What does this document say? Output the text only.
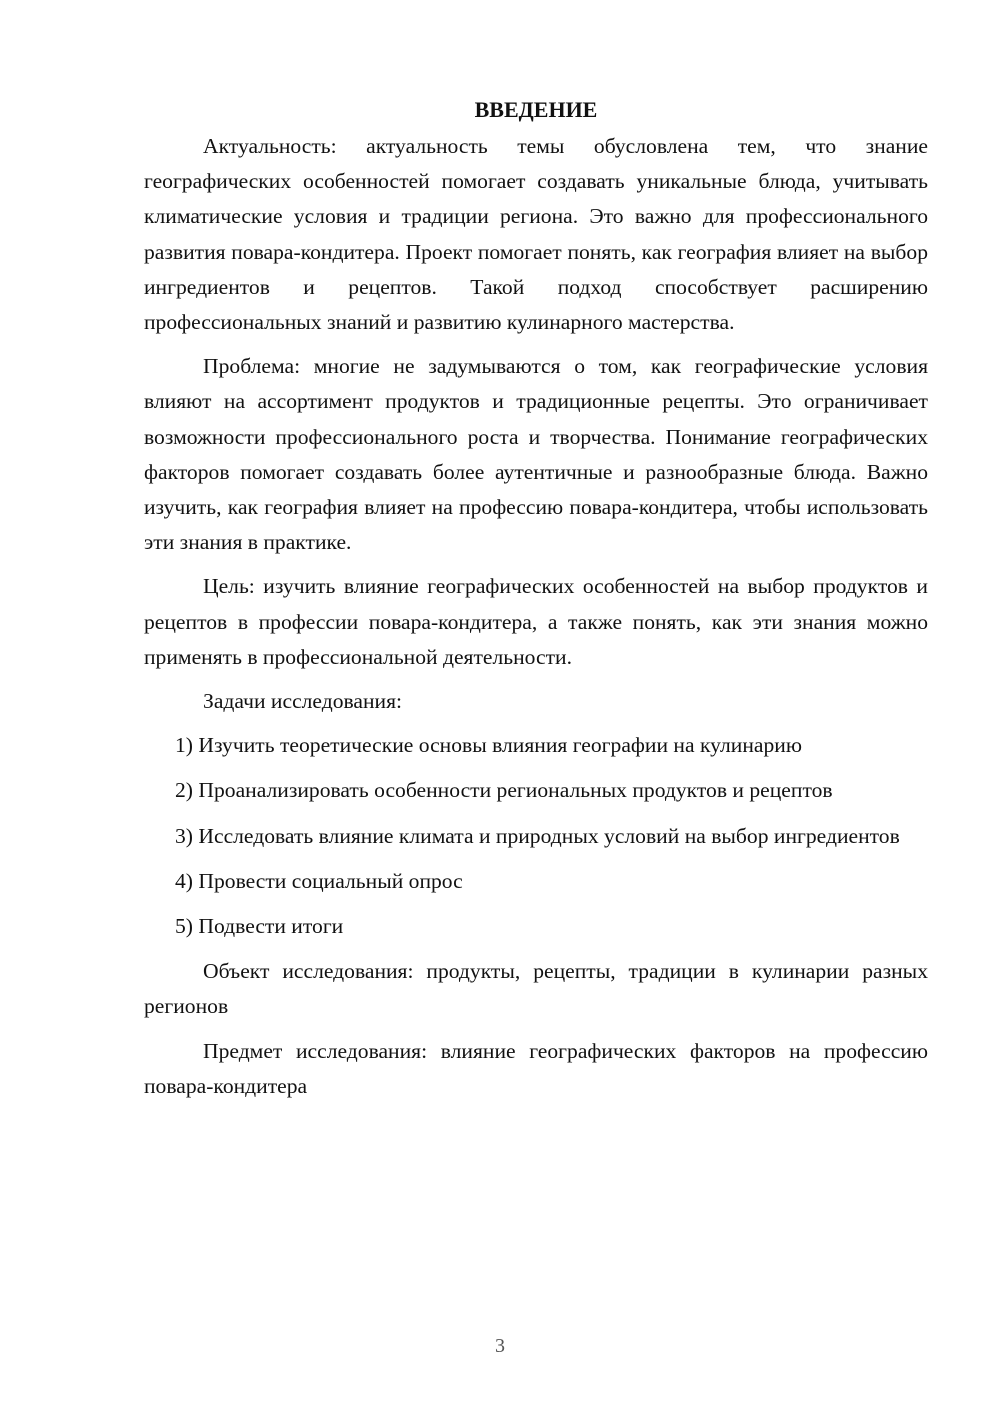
ВВЕДЕНИЕ

Актуальность: актуальность темы обусловлена тем, что знание географических особенностей помогает создавать уникальные блюда, учитывать климатические условия и традиции региона. Это важно для профессионального развития повара-кондитера. Проект помогает понять, как география влияет на выбор ингредиентов и рецептов. Такой подход способствует расширению профессиональных знаний и развитию кулинарного мастерства.

Проблема: многие не задумываются о том, как географические условия влияют на ассортимент продуктов и традиционные рецепты. Это ограничивает возможности профессионального роста и творчества. Понимание географических факторов помогает создавать более аутентичные и разнообразные блюда. Важно изучить, как география влияет на профессию повара-кондитера, чтобы использовать эти знания в практике.

Цель: изучить влияние географических особенностей на выбор продуктов и рецептов в профессии повара-кондитера, а также понять, как эти знания можно применять в профессиональной деятельности.

Задачи исследования:

1) Изучить теоретические основы влияния географии на кулинарию

2) Проанализировать особенности региональных продуктов и рецептов

3) Исследовать влияние климата и природных условий на выбор ингредиентов

4) Провести социальный опрос

5) Подвести итоги

Объект исследования: продукты, рецепты, традиции в кулинарии разных регионов

Предмет исследования: влияние географических факторов на профессию повара-кондитера

3
